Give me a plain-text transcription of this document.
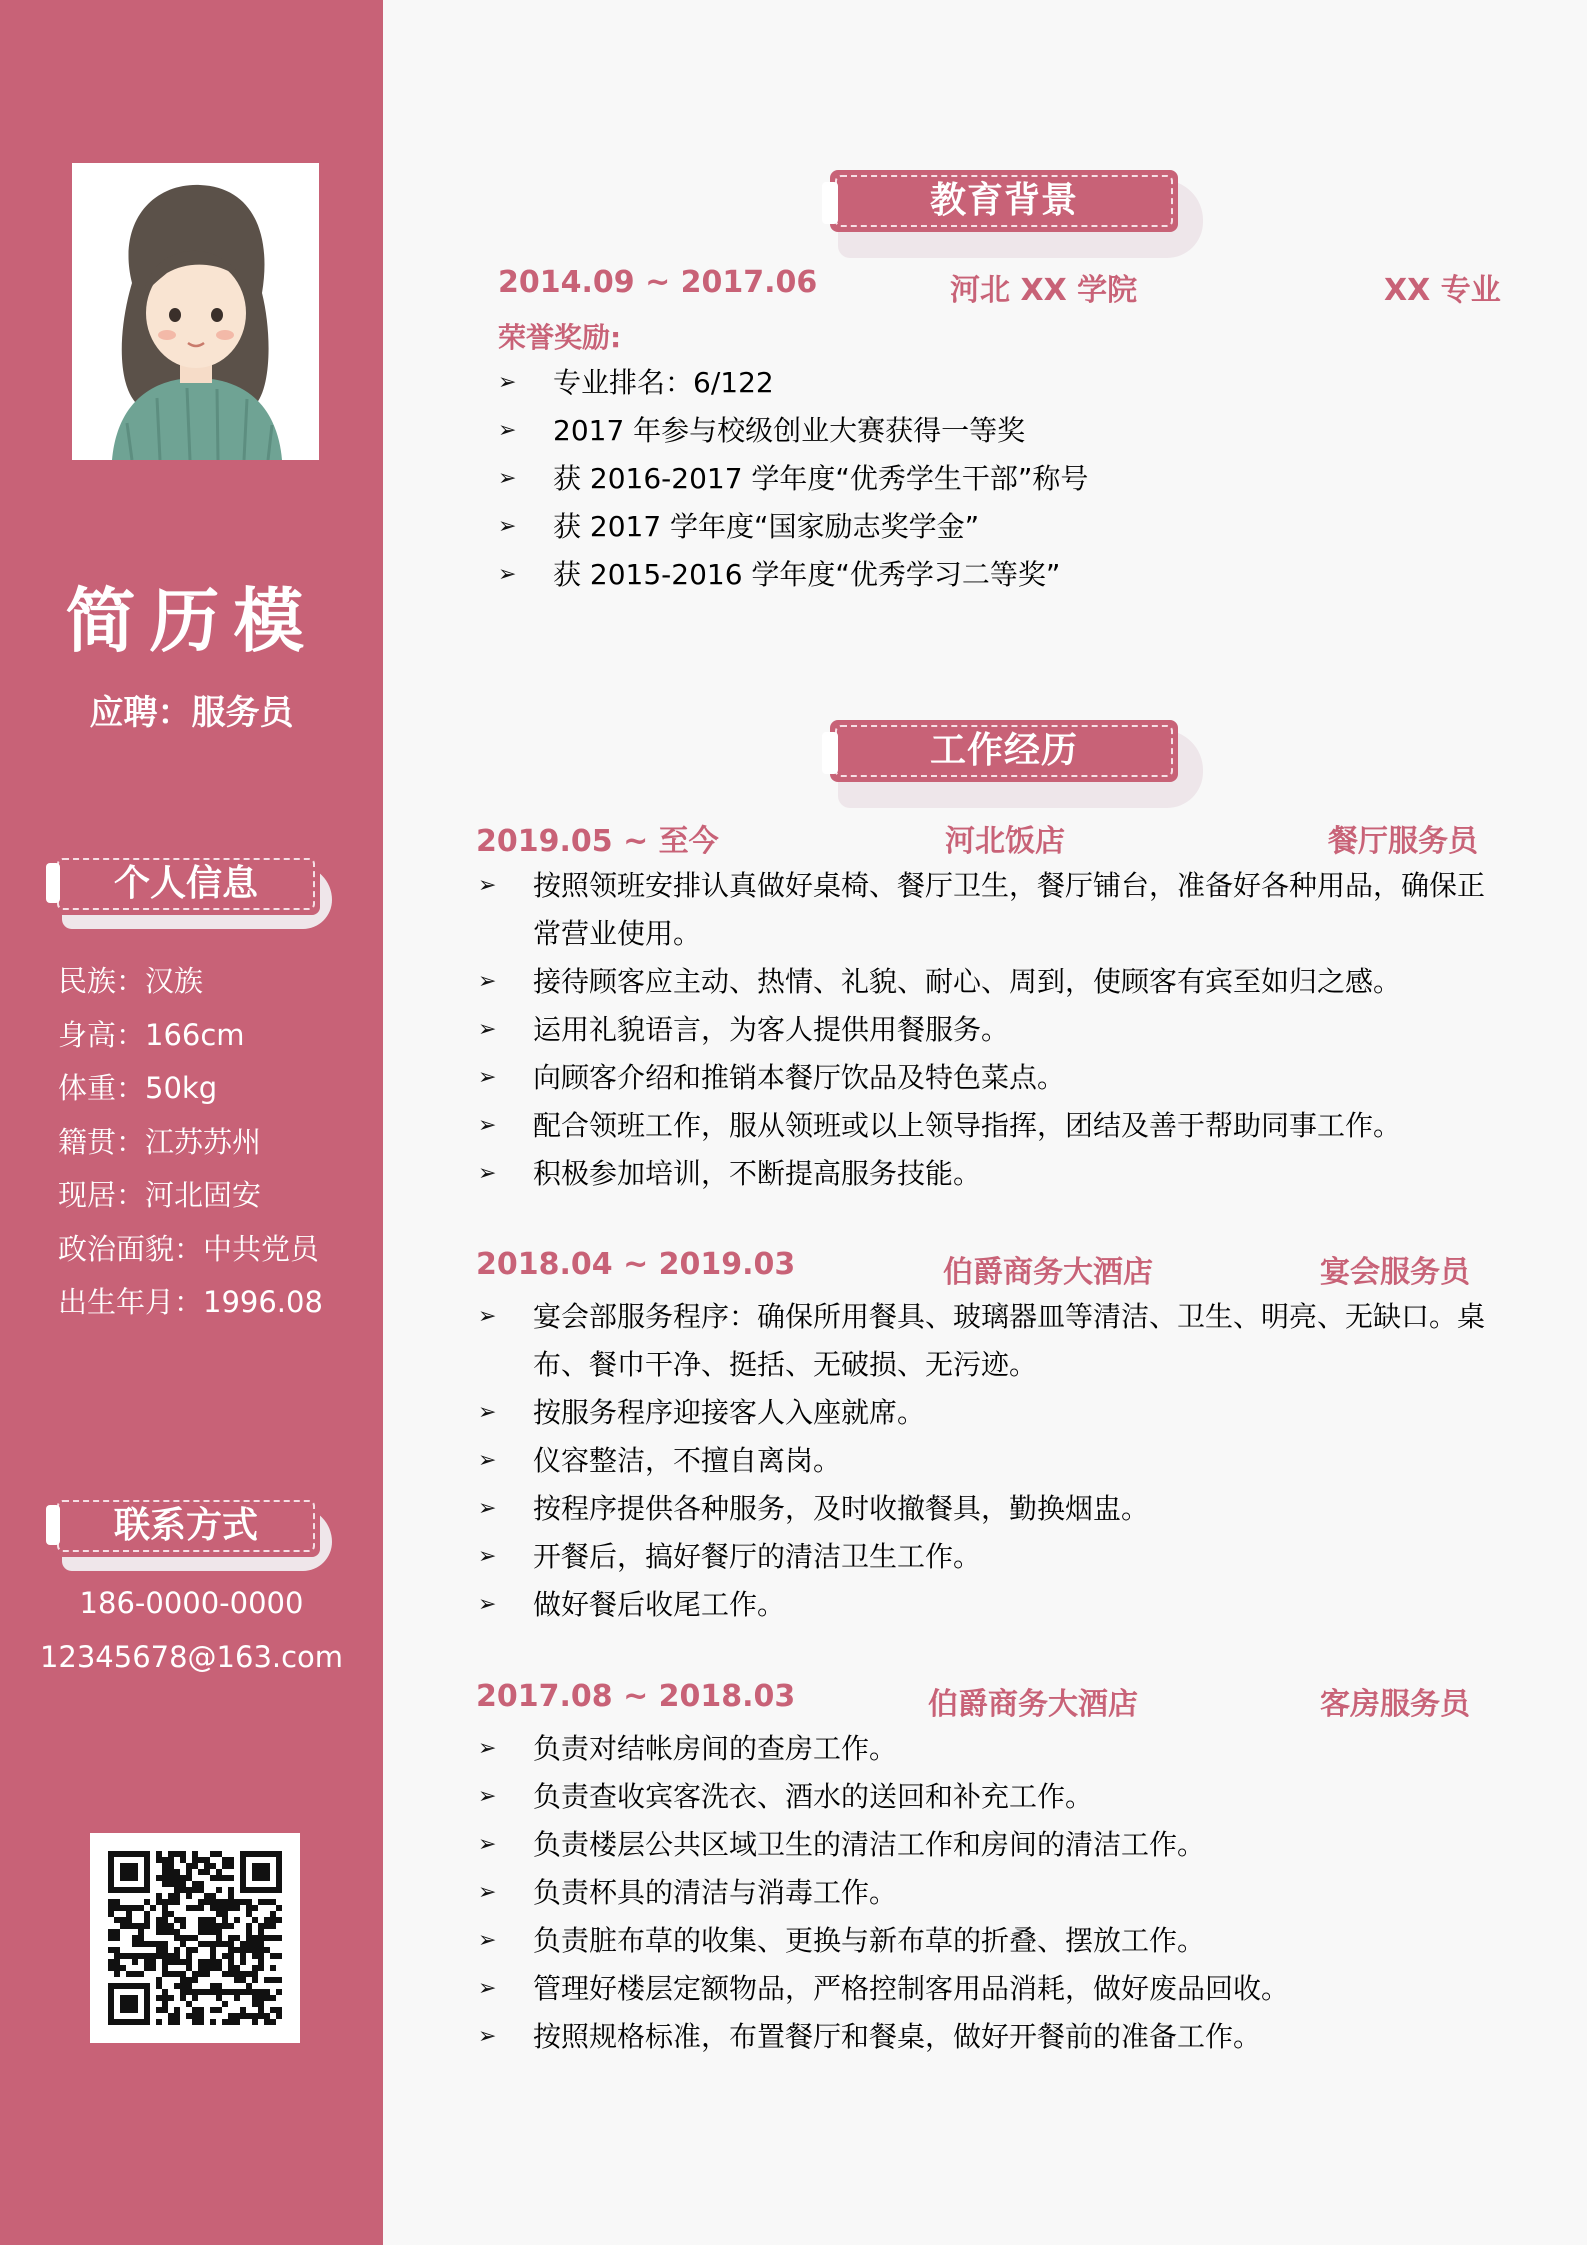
简历模
应聘：服务员
个人信息
民族：汉族
身高：166cm
体重：50kg
籍贯：江苏苏州
现居：河北固安
政治面貌：中共党员
出生年月：1996.08
联系方式
186-0000-0000
12345678@163.com
教育背景
2014.09 ~ 2017.06	河北 XX 学院	XX 专业
荣誉奖励:
➢	专业排名：6/122
➢	2017 年参与校级创业大赛获得一等奖
➢	获 2016-2017 学年度“优秀学生干部”称号
➢	获 2017 学年度“国家励志奖学金”
➢	获 2015-2016 学年度“优秀学习二等奖”
工作经历
2019.05 ~ 至今	河北饭店	餐厅服务员
➢	按照领班安排认真做好桌椅、餐厅卫生，餐厅铺台，准备好各种用品，确保正常营业使用。
➢	接待顾客应主动、热情、礼貌、耐心、周到，使顾客有宾至如归之感。
➢	运用礼貌语言，为客人提供用餐服务。
➢	向顾客介绍和推销本餐厅饮品及特色菜点。
➢	配合领班工作，服从领班或以上领导指挥，团结及善于帮助同事工作。
➢	积极参加培训，不断提高服务技能。
2018.04 ~ 2019.03	伯爵商务大酒店	宴会服务员
➢	宴会部服务程序：确保所用餐具、玻璃器皿等清洁、卫生、明亮、无缺口。桌布、餐巾干净、挺括、无破损、无污迹。
➢	按服务程序迎接客人入座就席。
➢	仪容整洁，不擅自离岗。
➢	按程序提供各种服务，及时收撤餐具，勤换烟盅。
➢	开餐后，搞好餐厅的清洁卫生工作。
➢	做好餐后收尾工作。
2017.08 ~ 2018.03	伯爵商务大酒店	客房服务员
➢	负责对结帐房间的查房工作。
➢	负责查收宾客洗衣、酒水的送回和补充工作。
➢	负责楼层公共区域卫生的清洁工作和房间的清洁工作。
➢	负责杯具的清洁与消毒工作。
➢	负责脏布草的收集、更换与新布草的折叠、摆放工作。
➢	管理好楼层定额物品，严格控制客用品消耗，做好废品回收。
➢	按照规格标准，布置餐厅和餐桌，做好开餐前的准备工作。
